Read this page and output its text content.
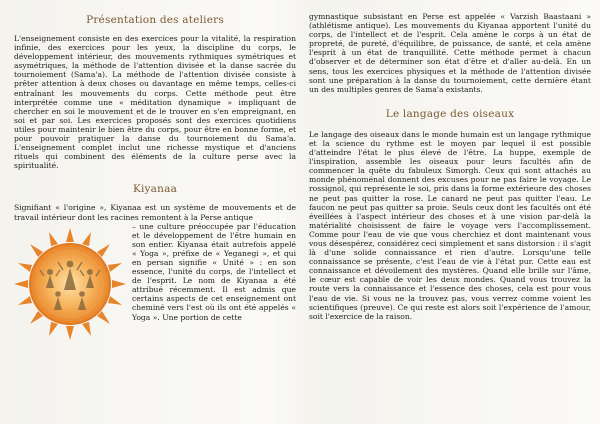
Présentation des ateliers

L'enseignement consiste en des exercices pour la vitalité, la respiration infinie, des exercices pour les yeux, la discipline du corps, le développement intérieur, des mouvements rythmiques symétriques et asymétriques, la méthode de l'attention divisée et la danse sacrée du tournoiement (Sama'a). La méthode de l'attention divisée consiste à prêter attention à deux choses ou davantage en même temps, celles-ci entraînant les mouvements du corps. Cette méthode peut être interprétée comme une « méditation dynamique » impliquant de chercher en soi le mouvement et de le trouver en s'en empreignant, en soi et par soi. Les exercices proposés sont des exercices quotidiens utiles pour maintenir le bien être du corps, pour être en bonne forme, et pour pouvoir pratiquer la danse du tournoiement du Sama'a. L'enseignement complet inclut une richesse mystique et d'anciens rituels qui combinent des éléments de la culture perse avec la spiritualité.

Kiyanaa

Signifiant « l'origine », Kiyanaa est un système de mouvements et de travail intérieur dont les racines remontent à la Perse antique

– une culture préoccupée par l'éducation et le développement de l'être humain en son entier. Kiyanaa était autrefois appelé « Yoga », préfixe de « Yeganegi », et qui en persan signifie « Unité » : en son essence, l'unité du corps, de l'intellect et de l'esprit. Le nom de Kiyanaa a été attribué récemment. Il est admis que certains aspects de cet enseignement ont cheminé vers l'est où ils ont été appelés « Yoga ». Une portion de cette

gymnastique subsistant en Perse est appelée « Varzish Baastaani » (athlétisme antique). Les mouvements du Kiyanaa apportent l'unité du corps, de l'intellect et de l'esprit. Cela amène le corps à un état de propreté, de pureté, d'équilibre, de puissance, de santé, et cela amène l'esprit à un état de tranquillité. Cette méthode permet à chacun d'observer et de déterminer son état d'être et d'aller au-delà. En un sens, tous les exercices physiques et la méthode de l'attention divisée sont une préparation à la danse du tournoiement, cette dernière étant un des multiples genres de Sama'a existants.

Le langage des oiseaux

Le langage des oiseaux dans le monde humain est un langage rythmique et la science du rythme est le moyen par lequel il est possible d'atteindre l'état le plus élevé de l'être. La huppe, exemple de l'inspiration, assemble les oiseaux pour leurs facultés afin de commencer la quête du fabuleux Simorgh. Ceux qui sont attachés au monde phénoménal donnent des excuses pour ne pas faire le voyage. Le rossignol, qui représente le soi, pris dans la forme extérieure des choses ne peut pas quitter la rose. Le canard ne peut pas quitter l'eau. Le faucon ne peut pas quitter sa proie. Seuls ceux dont les facultés ont été éveillées à l'aspect intérieur des choses et à une vision par-delà la matérialité choisissent de faire le voyage vers l'accomplissement. Comme pour l'eau de vie que vous cherchiez et dont maintenant vous vous désespérez, considérez ceci simplement et sans distorsion : il s'agit là d'une solide connaissance et rien d'autre. Lorsqu'une telle connaissance se présente, c'est l'eau de vie à l'état pur. Cette eau est connaissance et dévoilement des mystères. Quand elle brille sur l'âme, le cœur est capable de voir les deux mondes. Quand vous trouvez la route vers la connaissance et l'essence des choses, cela est pour vous l'eau de vie. Si vous ne la trouvez pas, vous verrez comme voient les scientifiques (preuve). Ce qui reste est alors soit l'expérience de l'amour, soit l'exercice de la raison.
